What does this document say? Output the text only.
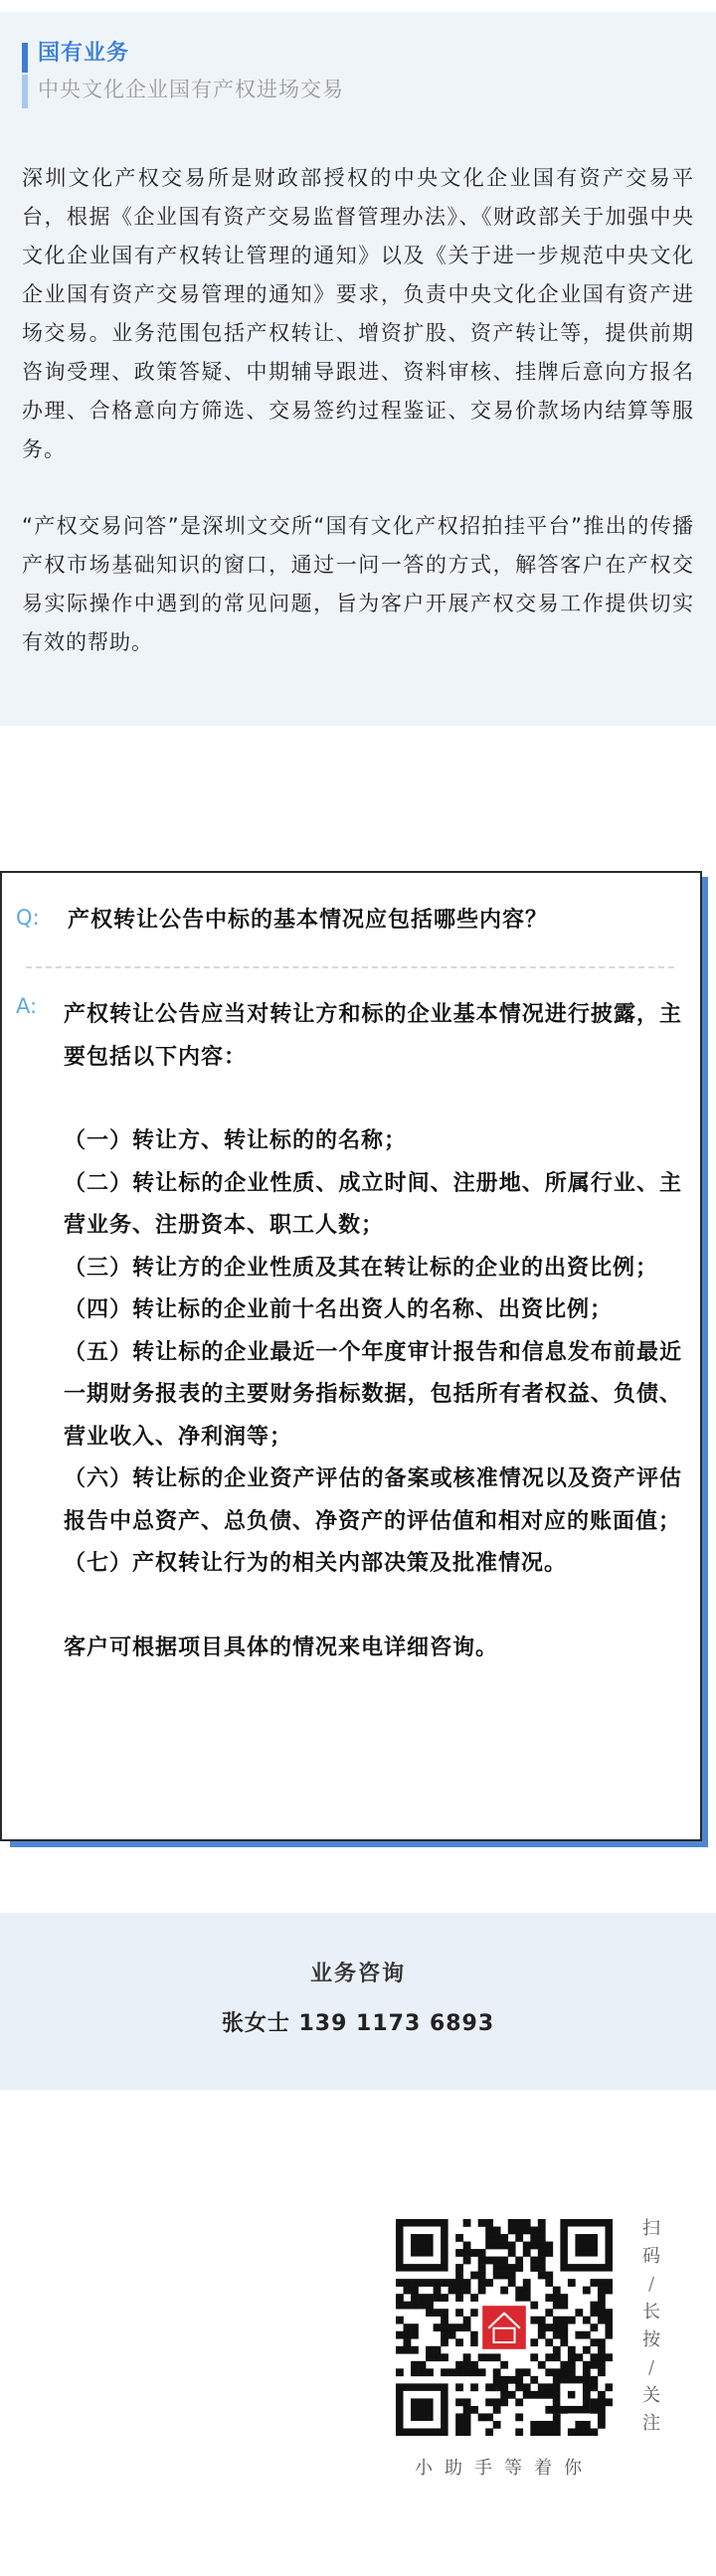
国有业务
中央文化企业国有产权进场交易

深圳文化产权交易所是财政部授权的中央文化企业国有资产交易平台，根据《企业国有资产交易监督管理办法》、《财政部关于加强中央文化企业国有产权转让管理的通知》以及《关于进一步规范中央文化企业国有资产交易管理的通知》要求，负责中央文化企业国有资产进场交易。业务范围包括产权转让、增资扩股、资产转让等，提供前期咨询受理、政策答疑、中期辅导跟进、资料审核、挂牌后意向方报名办理、合格意向方筛选、交易签约过程鉴证、交易价款场内结算等服务。

“产权交易问答”是深圳文交所“国有文化产权招拍挂平台”推出的传播产权市场基础知识的窗口，通过一问一答的方式，解答客户在产权交易实际操作中遇到的常见问题，旨为客户开展产权交易工作提供切实有效的帮助。

Q: 产权转让公告中标的基本情况应包括哪些内容？
A: 产权转让公告应当对转让方和标的企业基本情况进行披露，主要包括以下内容：

（一）转让方、转让标的的名称；

（二）转让标的企业性质、成立时间、注册地、所属行业、主营业务、注册资本、职工人数；

（三）转让方的企业性质及其在转让标的企业的出资比例；

（四）转让标的企业前十名出资人的名称、出资比例；

（五）转让标的企业最近一个年度审计报告和信息发布前最近一期财务报表的主要财务指标数据，包括所有者权益、负债、营业收入、净利润等；

（六）转让标的企业资产评估的备案或核准情况以及资产评估报告中总资产、总负债、净资产的评估值和相对应的账面值；

（七）产权转让行为的相关内部决策及批准情况。

客户可根据项目具体的情况来电详细咨询。

业务咨询
张女士 139 1173 6893
扫
码
/
长
按
/
关
注
小助手等着你
